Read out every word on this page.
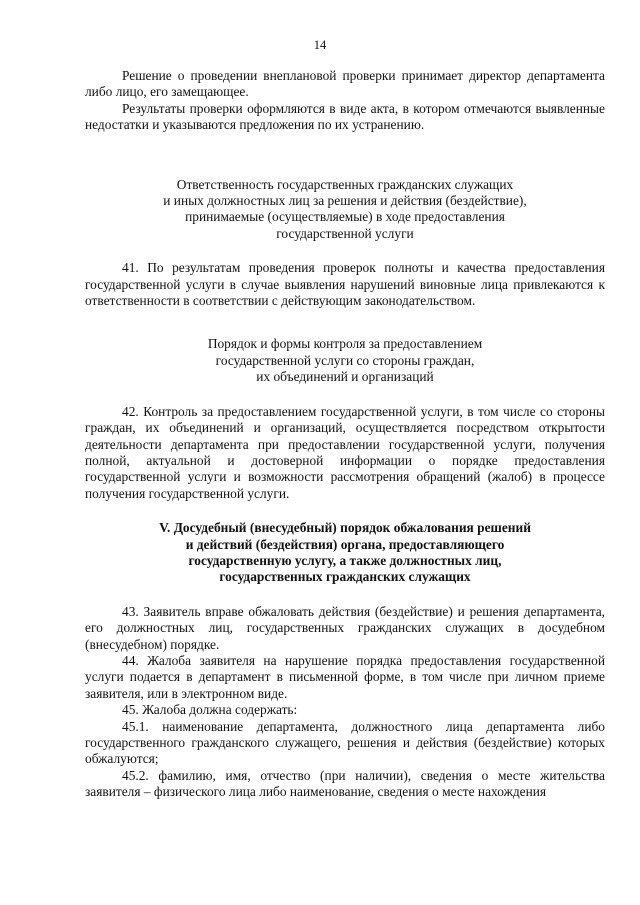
14

Решение о проведении внеплановой проверки принимает директор департамента либо лицо, его замещающее.

Результаты проверки оформляются в виде акта, в котором отмечаются выявленные недостатки и указываются предложения по их устранению.

Ответственность государственных гражданских служащих
и иных должностных лиц за решения и действия (бездействие),
принимаемые (осуществляемые) в ходе предоставления
государственной услуги

41. По результатам проведения проверок полноты и качества предоставления государственной услуги в случае выявления нарушений виновные лица привлекаются к ответственности в соответствии с действующим законодательством.

Порядок и формы контроля за предоставлением
государственной услуги со стороны граждан,
их объединений и организаций

42. Контроль за предоставлением государственной услуги, в том числе со стороны граждан, их объединений и организаций, осуществляется посредством открытости деятельности департамента при предоставлении государственной услуги, получения полной, актуальной и достоверной информации о порядке предоставления государственной услуги и возможности рассмотрения обращений (жалоб) в процессе получения государственной услуги.

V. Досудебный (внесудебный) порядок обжалования решений
и действий (бездействия) органа, предоставляющего
государственную услугу, а также должностных лиц,
государственных гражданских служащих

43. Заявитель вправе обжаловать действия (бездействие) и решения департамента, его должностных лиц, государственных гражданских служащих в досудебном (внесудебном) порядке.

44. Жалоба заявителя на нарушение порядка предоставления государственной услуги подается в департамент в письменной форме, в том числе при личном приеме заявителя, или в электронном виде.

45. Жалоба должна содержать:

45.1. наименование департамента, должностного лица департамента либо государственного гражданского служащего, решения и действия (бездействие) которых обжалуются;

45.2. фамилию, имя, отчество (при наличии), сведения о месте жительства заявителя – физического лица либо наименование, сведения о месте нахождения
